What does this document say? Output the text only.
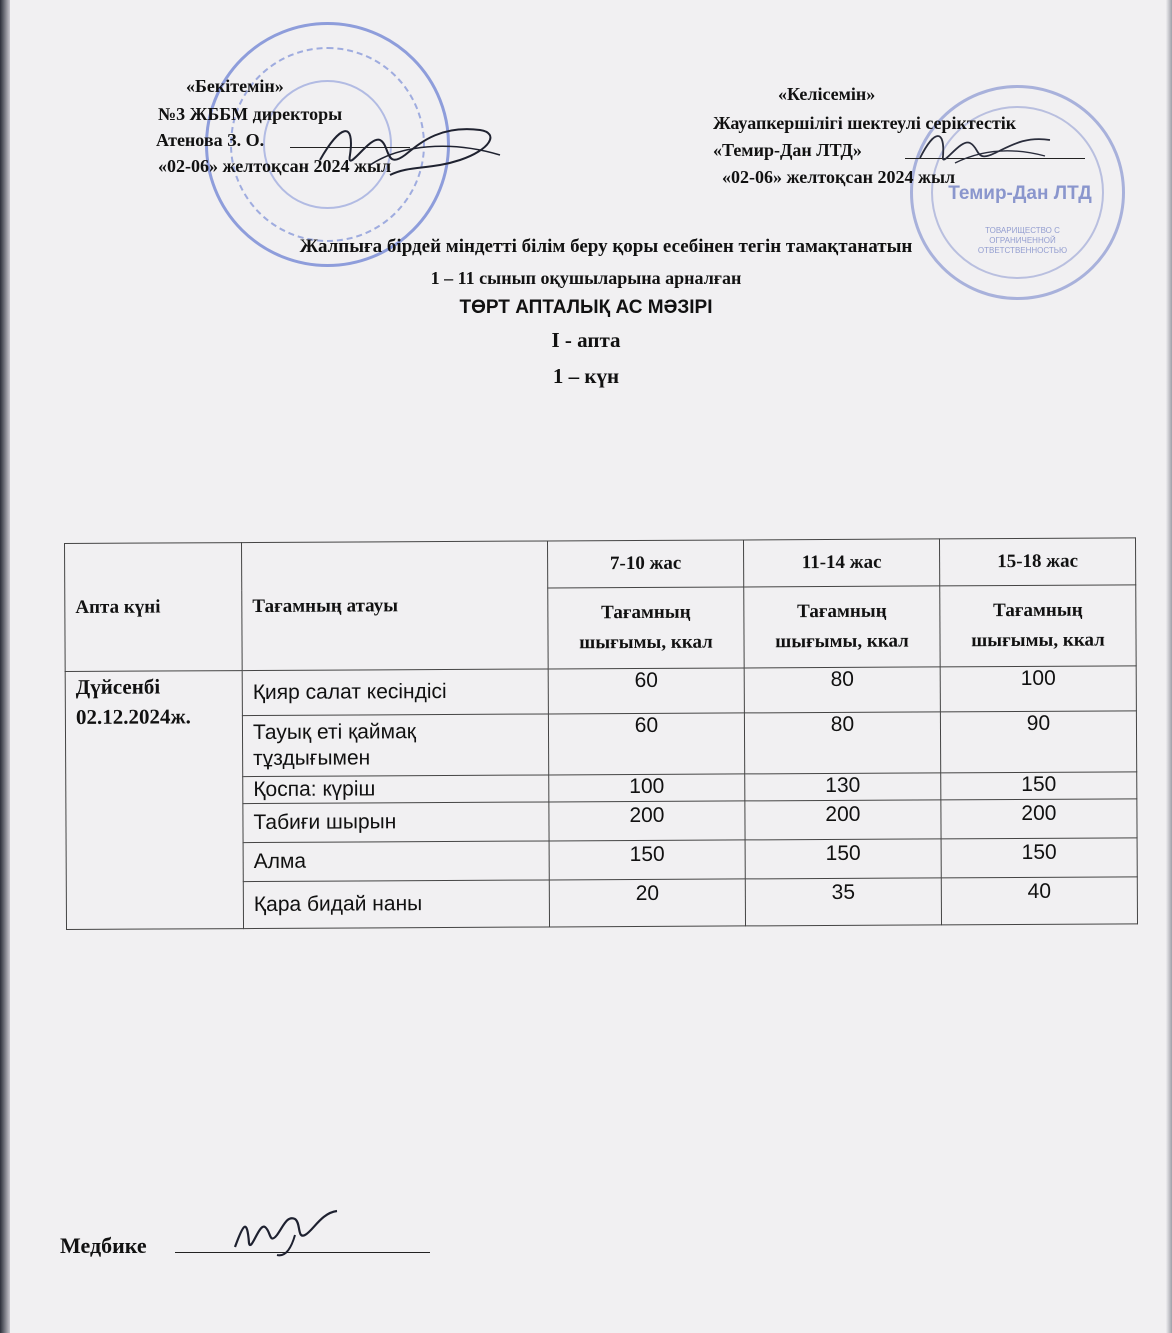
Темир-Дан ЛТД
ТОВАРИЩЕСТВО С ОГРАНИЧЕННОЙ ОТВЕТСТВЕННОСТЬЮ
«Бекітемін»
№3 ЖББМ директоры
Атенова З. О.
«02-06» желтоқсан 2024 жыл
«Келісемін»
Жауапкершілігі шектеулі серіктестік
«Темир-Дан ЛТД»
«02-06» желтоқсан 2024 жыл
Жалпыға бірдей міндетті білім беру қоры есебінен тегін тамақтанатын
1 – 11 сынып оқушыларына арналған
ТӨРТ АПТАЛЫҚ АС МӘЗІРІ
I - апта
1 – күн
Апта күні	Тағамның атауы	7-10 жас	11-14 жас	15-18 жас
		Тағамның
шығымы, ккал	Тағамның
шығымы, ккал	Тағамның
шығымы, ккал
Дүйсенбі
02.12.2024ж.	Қияр салат кесіндісі	60	80	100
	Тауық еті қаймақ тұздығымен	60	80	90
	Қоспа: күріш	100	130	150
	Табиғи шырын	200	200	200
	Алма	150	150	150
	Қара бидай наны	20	35	40
Медбике
